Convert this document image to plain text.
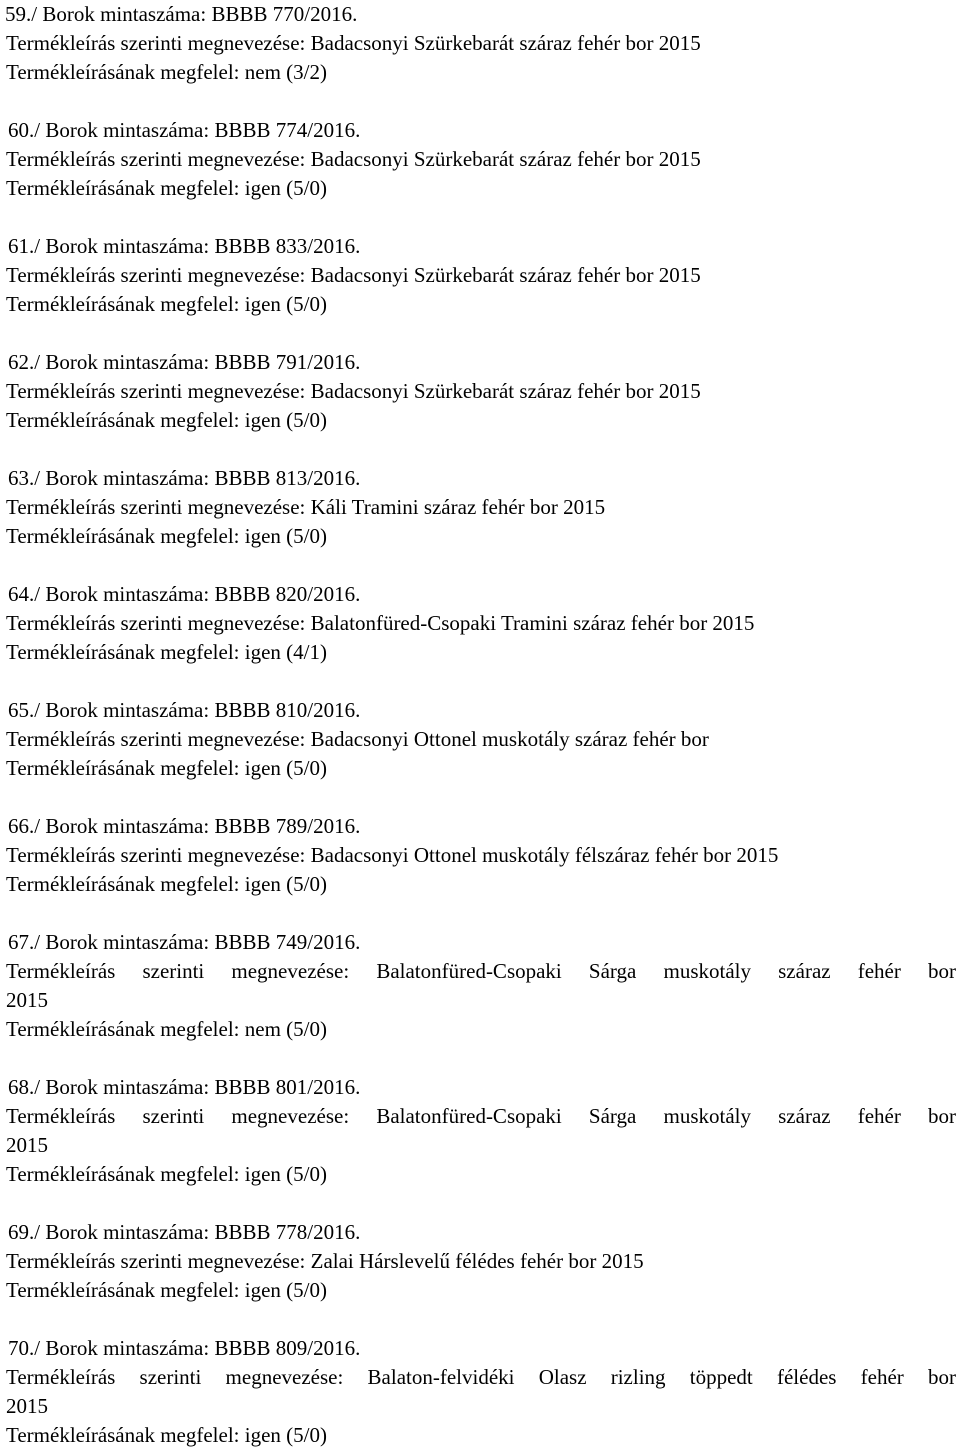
59./ Borok mintaszáma: BBBB 770/2016.
Termékleírás szerinti megnevezése: Badacsonyi Szürkebarát száraz fehér bor 2015
Termékleírásának megfelel: nem (3/2)
60./ Borok mintaszáma: BBBB 774/2016.
Termékleírás szerinti megnevezése: Badacsonyi Szürkebarát száraz fehér bor 2015
Termékleírásának megfelel: igen (5/0)
61./ Borok mintaszáma: BBBB 833/2016.
Termékleírás szerinti megnevezése: Badacsonyi Szürkebarát száraz fehér bor 2015
Termékleírásának megfelel: igen (5/0)
62./ Borok mintaszáma: BBBB 791/2016.
Termékleírás szerinti megnevezése: Badacsonyi Szürkebarát száraz fehér bor 2015
Termékleírásának megfelel: igen (5/0)
63./ Borok mintaszáma: BBBB 813/2016.
Termékleírás szerinti megnevezése: Káli Tramini száraz fehér bor 2015
Termékleírásának megfelel: igen (5/0)
64./ Borok mintaszáma: BBBB 820/2016.
Termékleírás szerinti megnevezése: Balatonfüred-Csopaki Tramini száraz fehér bor 2015
Termékleírásának megfelel: igen (4/1)
65./ Borok mintaszáma: BBBB 810/2016.
Termékleírás szerinti megnevezése: Badacsonyi Ottonel muskotály száraz fehér bor
Termékleírásának megfelel: igen (5/0)
66./ Borok mintaszáma: BBBB 789/2016.
Termékleírás szerinti megnevezése: Badacsonyi Ottonel muskotály félszáraz fehér bor 2015
Termékleírásának megfelel: igen (5/0)
67./ Borok mintaszáma: BBBB 749/2016.
Termékleírás szerinti megnevezése: Balatonfüred-Csopaki Sárga muskotály száraz fehér bor
2015
Termékleírásának megfelel: nem (5/0)
68./ Borok mintaszáma: BBBB 801/2016.
Termékleírás szerinti megnevezése: Balatonfüred-Csopaki Sárga muskotály száraz fehér bor
2015
Termékleírásának megfelel: igen (5/0)
69./ Borok mintaszáma: BBBB 778/2016.
Termékleírás szerinti megnevezése: Zalai Hárslevelű félédes fehér bor 2015
Termékleírásának megfelel: igen (5/0)
70./ Borok mintaszáma: BBBB 809/2016.
Termékleírás szerinti megnevezése: Balaton-felvidéki Olasz rizling töppedt félédes fehér bor
2015
Termékleírásának megfelel: igen (5/0)
